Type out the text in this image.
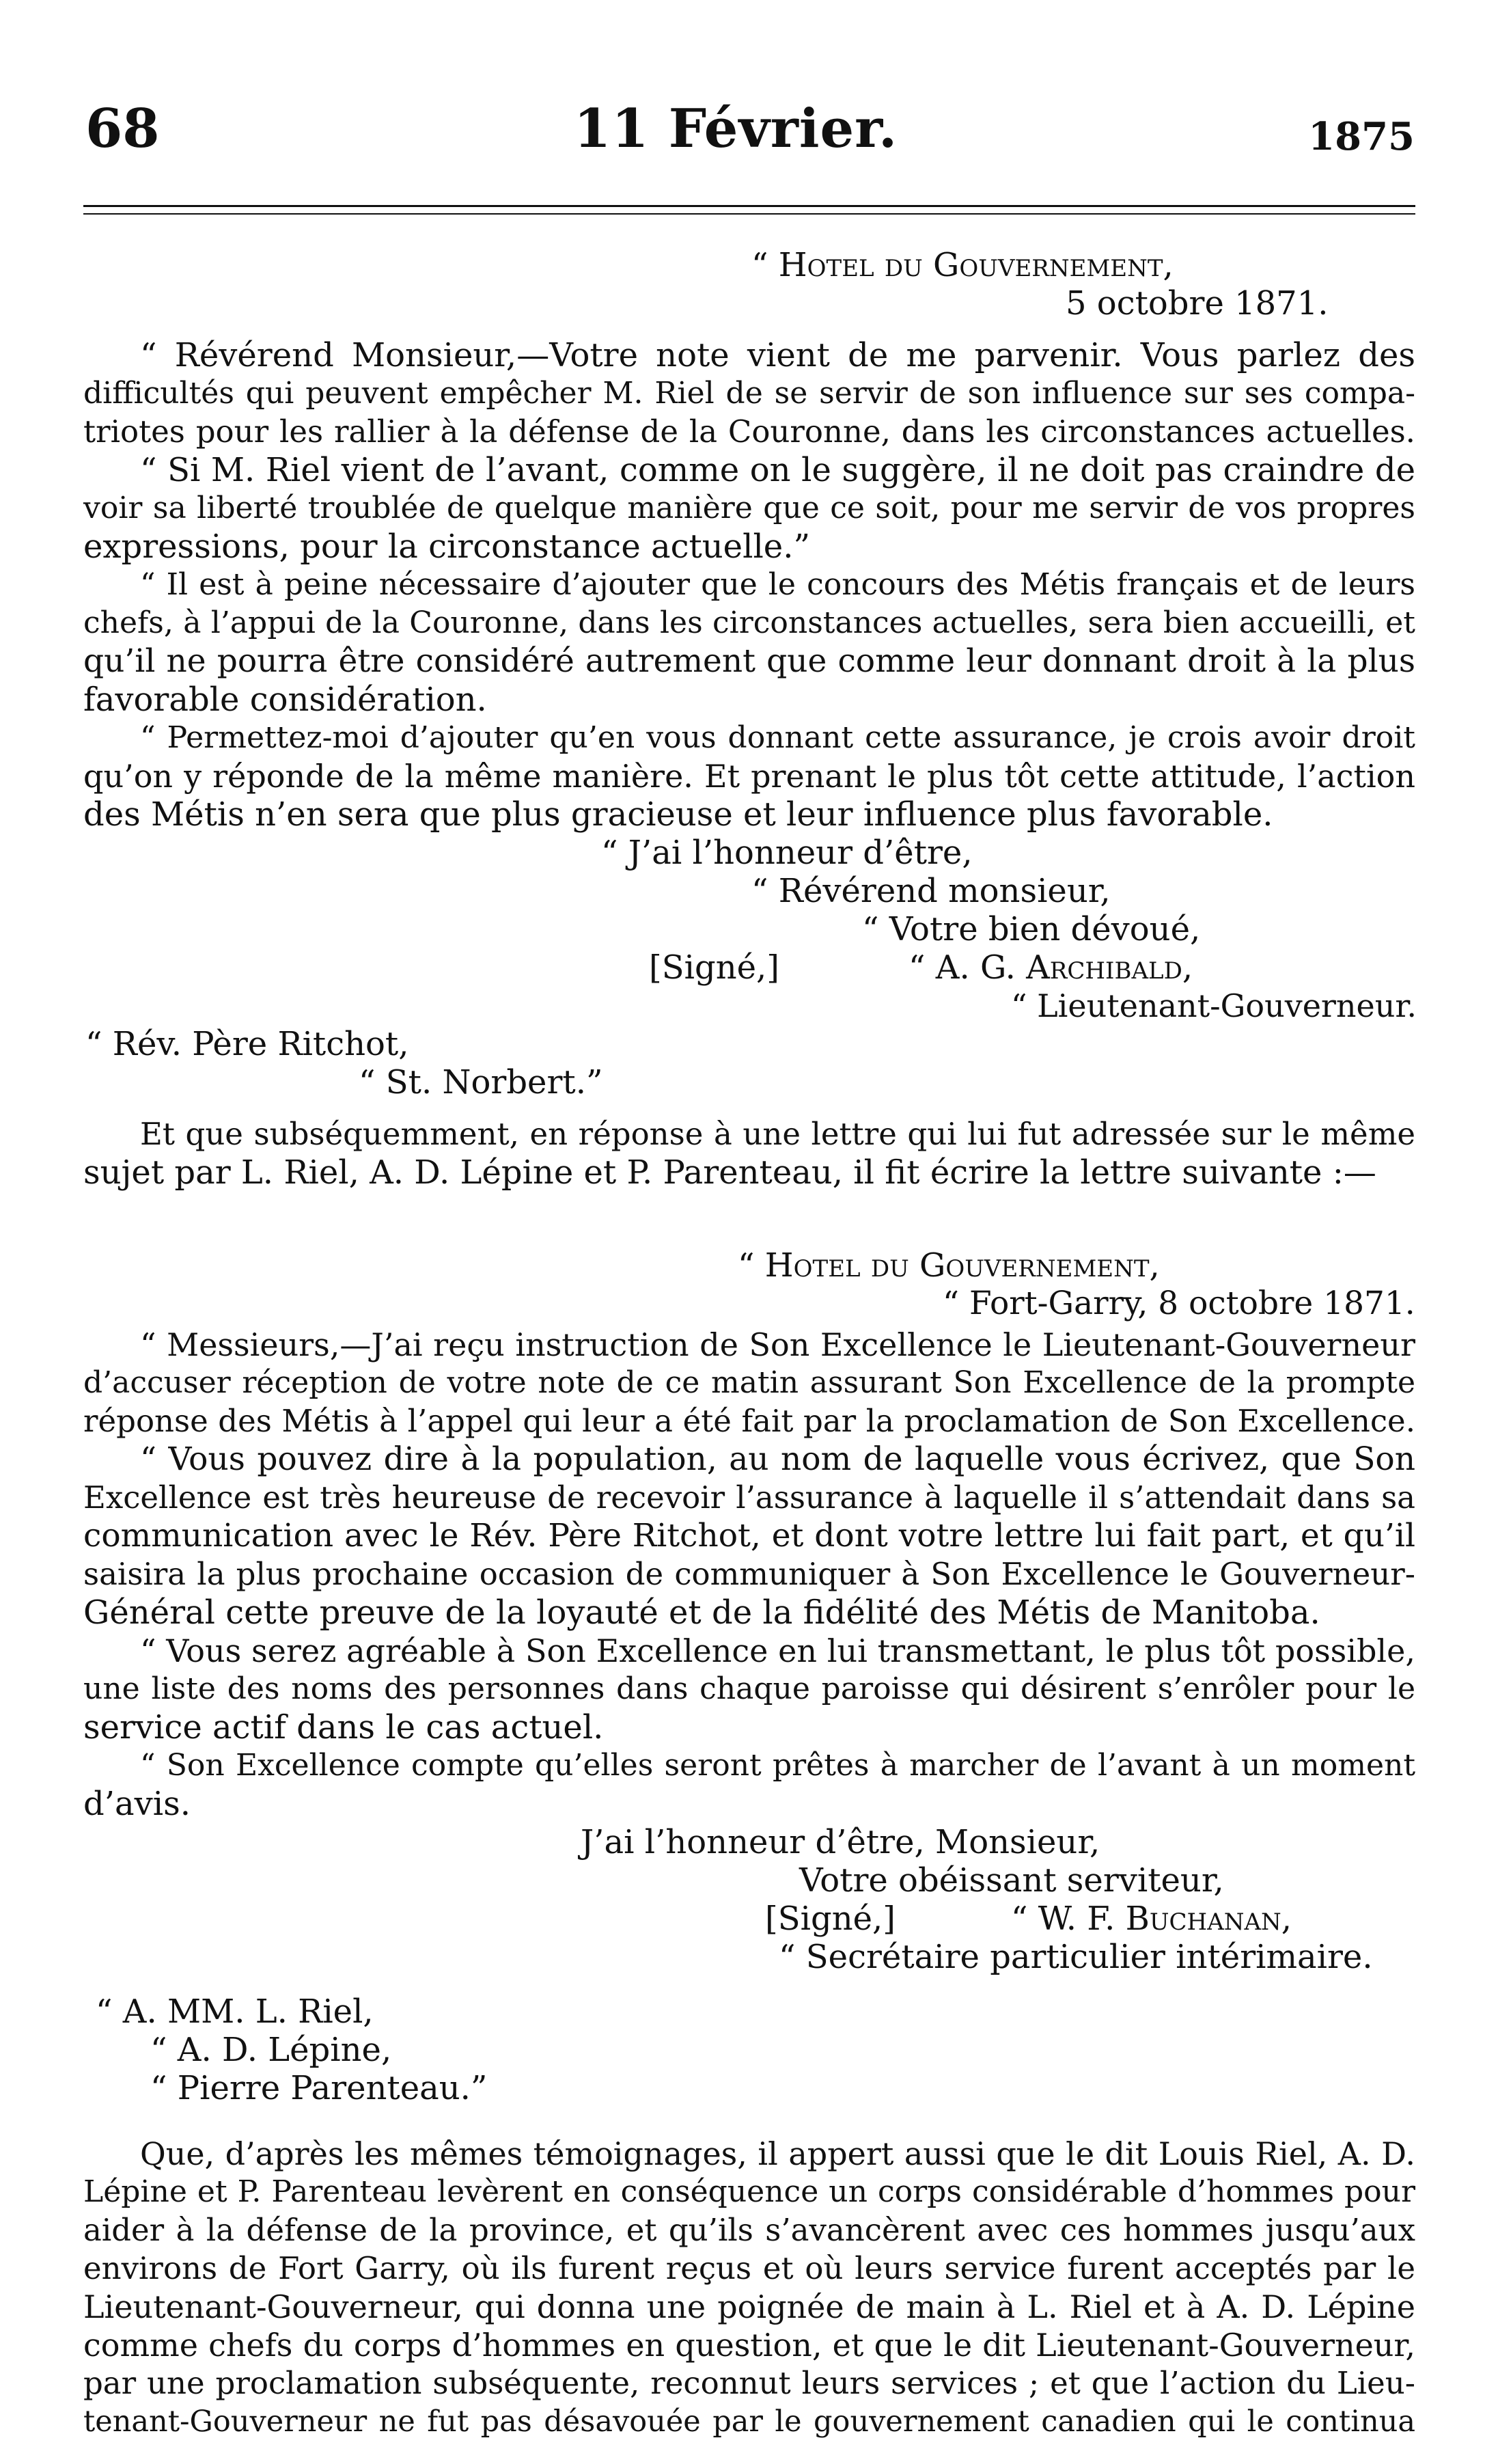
68	11 Février.	1875
“ Hotel du Gouvernement,
5 octobre 1871.
“ Révérend Monsieur,—Votre note vient de me parvenir. Vous parlez des
difficultés qui peuvent empêcher M. Riel de se servir de son influence sur ses compa-
triotes pour les rallier à la défense de la Couronne, dans les circonstances actuelles.
“ Si M. Riel vient de l’avant, comme on le suggère, il ne doit pas craindre de
voir sa liberté troublée de quelque manière que ce soit, pour me servir de vos propres
expressions, pour la circonstance actuelle.”
“ Il est à peine nécessaire d’ajouter que le concours des Métis français et de leurs
chefs, à l’appui de la Couronne, dans les circonstances actuelles, sera bien accueilli, et
qu’il ne pourra être considéré autrement que comme leur donnant droit à la plus
favorable considération.
“ Permettez-moi d’ajouter qu’en vous donnant cette assurance, je crois avoir droit
qu’on y réponde de la même manière. Et prenant le plus tôt cette attitude, l’action
des Métis n’en sera que plus gracieuse et leur influence plus favorable.
“ J’ai l’honneur d’être,
“ Révérend monsieur,
“ Votre bien dévoué,
[Signé,]	“ A. G. Archibald,
“ Lieutenant-Gouverneur.
“ Rév. Père Ritchot,
“ St. Norbert.”
Et que subséquemment, en réponse à une lettre qui lui fut adressée sur le même
sujet par L. Riel, A. D. Lépine et P. Parenteau, il fit écrire la lettre suivante :—
“ Hotel du Gouvernement,
“ Fort-Garry, 8 octobre 1871.
“ Messieurs,—J’ai reçu instruction de Son Excellence le Lieutenant-Gouverneur
d’accuser réception de votre note de ce matin assurant Son Excellence de la prompte
réponse des Métis à l’appel qui leur a été fait par la proclamation de Son Excellence.
“ Vous pouvez dire à la population, au nom de laquelle vous écrivez, que Son
Excellence est très heureuse de recevoir l’assurance à laquelle il s’attendait dans sa
communication avec le Rév. Père Ritchot, et dont votre lettre lui fait part, et qu’il
saisira la plus prochaine occasion de communiquer à Son Excellence le Gouverneur-
Général cette preuve de la loyauté et de la fidélité des Métis de Manitoba.
“ Vous serez agréable à Son Excellence en lui transmettant, le plus tôt possible,
une liste des noms des personnes dans chaque paroisse qui désirent s’enrôler pour le
service actif dans le cas actuel.
“ Son Excellence compte qu’elles seront prêtes à marcher de l’avant à un moment
d’avis.
J’ai l’honneur d’être, Monsieur,
Votre obéissant serviteur,
[Signé,]	“ W. F. Buchanan,
“ Secrétaire particulier intérimaire.
“ A. MM. L. Riel,
“ A. D. Lépine,
“ Pierre Parenteau.”
Que, d’après les mêmes témoignages, il appert aussi que le dit Louis Riel, A. D.
Lépine et P. Parenteau levèrent en conséquence un corps considérable d’hommes pour
aider à la défense de la province, et qu’ils s’avancèrent avec ces hommes jusqu’aux
environs de Fort Garry, où ils furent reçus et où leurs service furent acceptés par le
Lieutenant-Gouverneur, qui donna une poignée de main à L. Riel et à A. D. Lépine
comme chefs du corps d’hommes en question, et que le dit Lieutenant-Gouverneur,
par une proclamation subséquente, reconnut leurs services ; et que l’action du Lieu-
tenant-Gouverneur ne fut pas désavouée par le gouvernement canadien qui le continua
